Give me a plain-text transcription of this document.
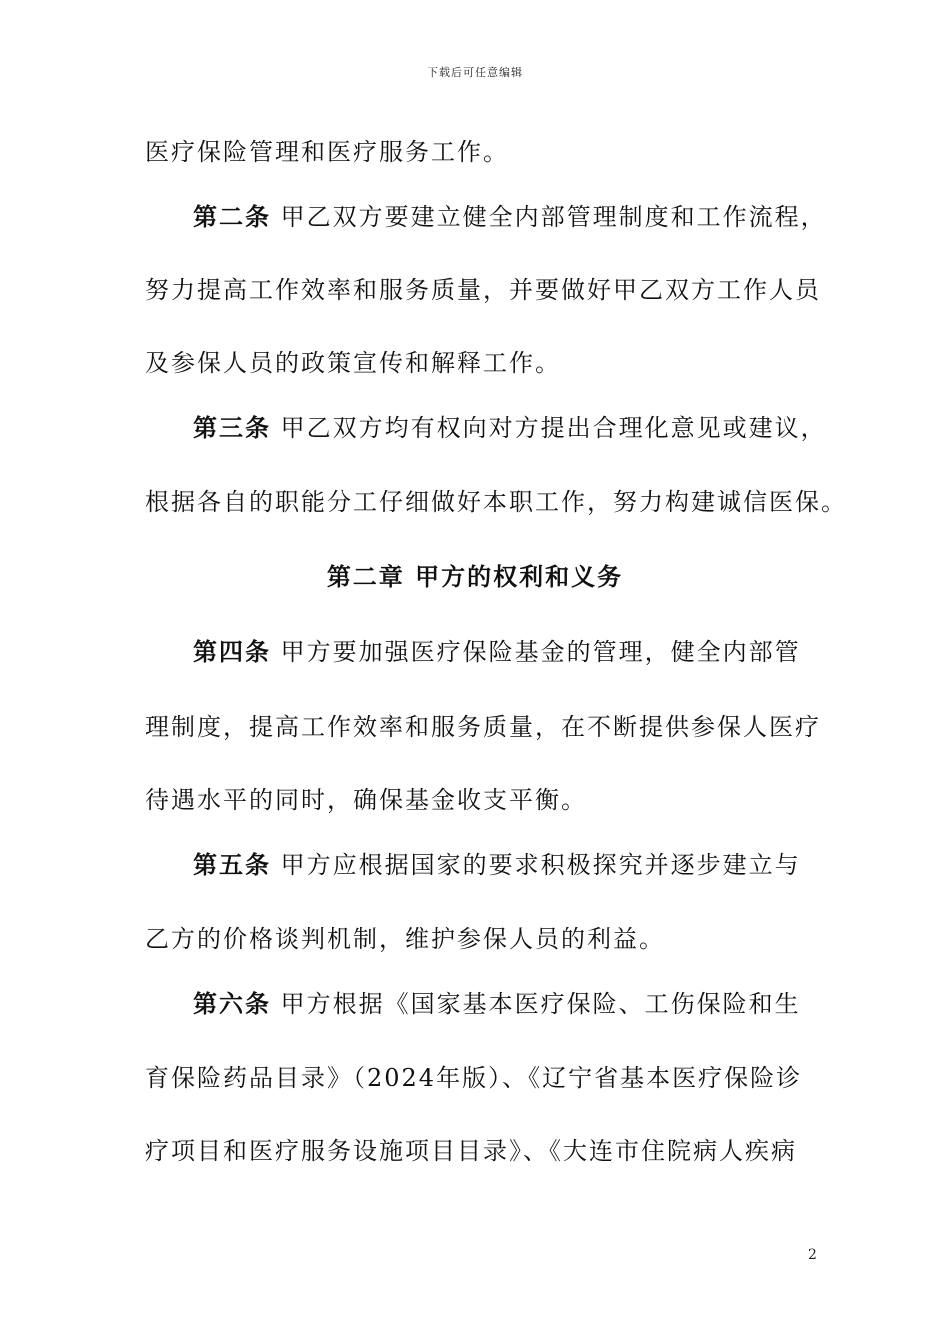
下载后可任意编辑
医疗保险管理和医疗服务工作。
第二条 甲乙双方要建立健全内部管理制度和工作流程，
努力提高工作效率和服务质量，并要做好甲乙双方工作人员
及参保人员的政策宣传和解释工作。
第三条 甲乙双方均有权向对方提出合理化意见或建议，
根据各自的职能分工仔细做好本职工作，努力构建诚信医保。
第二章 甲方的权利和义务
第四条 甲方要加强医疗保险基金的管理，健全内部管
理制度，提高工作效率和服务质量，在不断提供参保人医疗
待遇水平的同时，确保基金收支平衡。
第五条 甲方应根据国家的要求积极探究并逐步建立与
乙方的价格谈判机制，维护参保人员的利益。
第六条 甲方根据《国家基本医疗保险、工伤保险和生
育保险药品目录》（2024年版）、《辽宁省基本医疗保险诊
疗项目和医疗服务设施项目目录》、《大连市住院病人疾病
2
